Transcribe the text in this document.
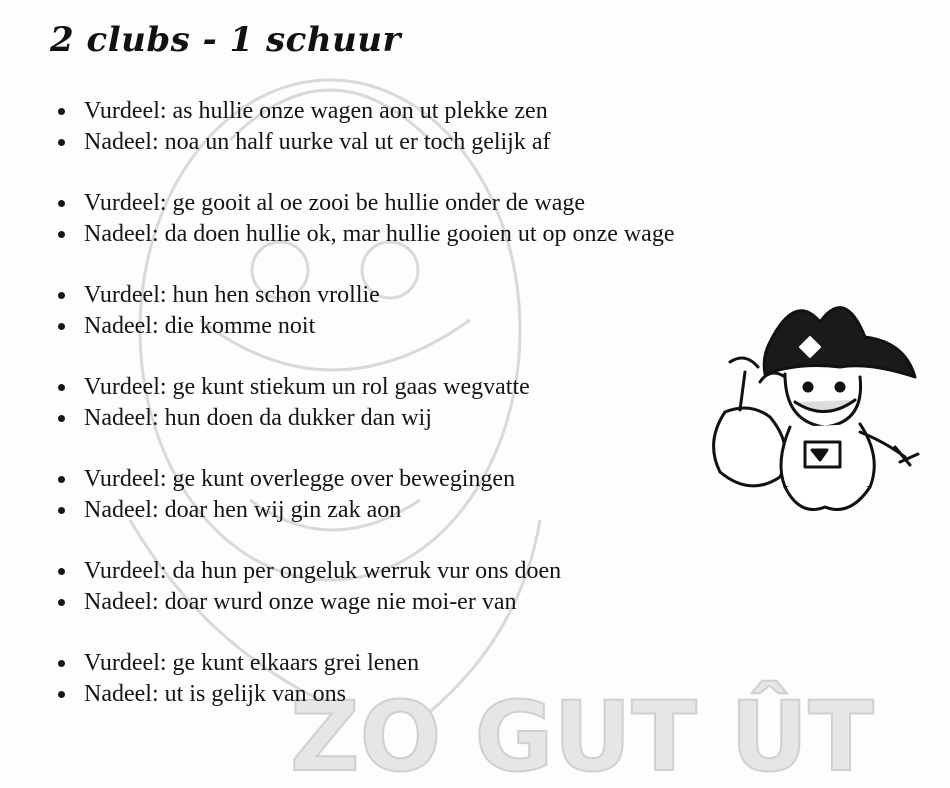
ZO GUT ÛT
2 clubs - 1 schuur
Vurdeel: as hullie onze wagen aon ut plekke zen
Nadeel: noa un half uurke val ut er toch gelijk af
Vurdeel: ge gooit al oe zooi be hullie onder de wage
Nadeel: da doen hullie ok, mar hullie gooien ut op onze wage
Vurdeel: hun hen schon vrollie
Nadeel: die komme noit
Vurdeel: ge kunt stiekum un rol gaas wegvatte
Nadeel: hun doen da dukker dan wij
Vurdeel: ge kunt overlegge over bewegingen
Nadeel: doar hen wij gin zak aon
Vurdeel: da hun per ongeluk werruk vur ons doen
Nadeel: doar wurd onze wage nie moi-er van
Vurdeel: ge kunt elkaars grei lenen
Nadeel: ut is gelijk van ons
